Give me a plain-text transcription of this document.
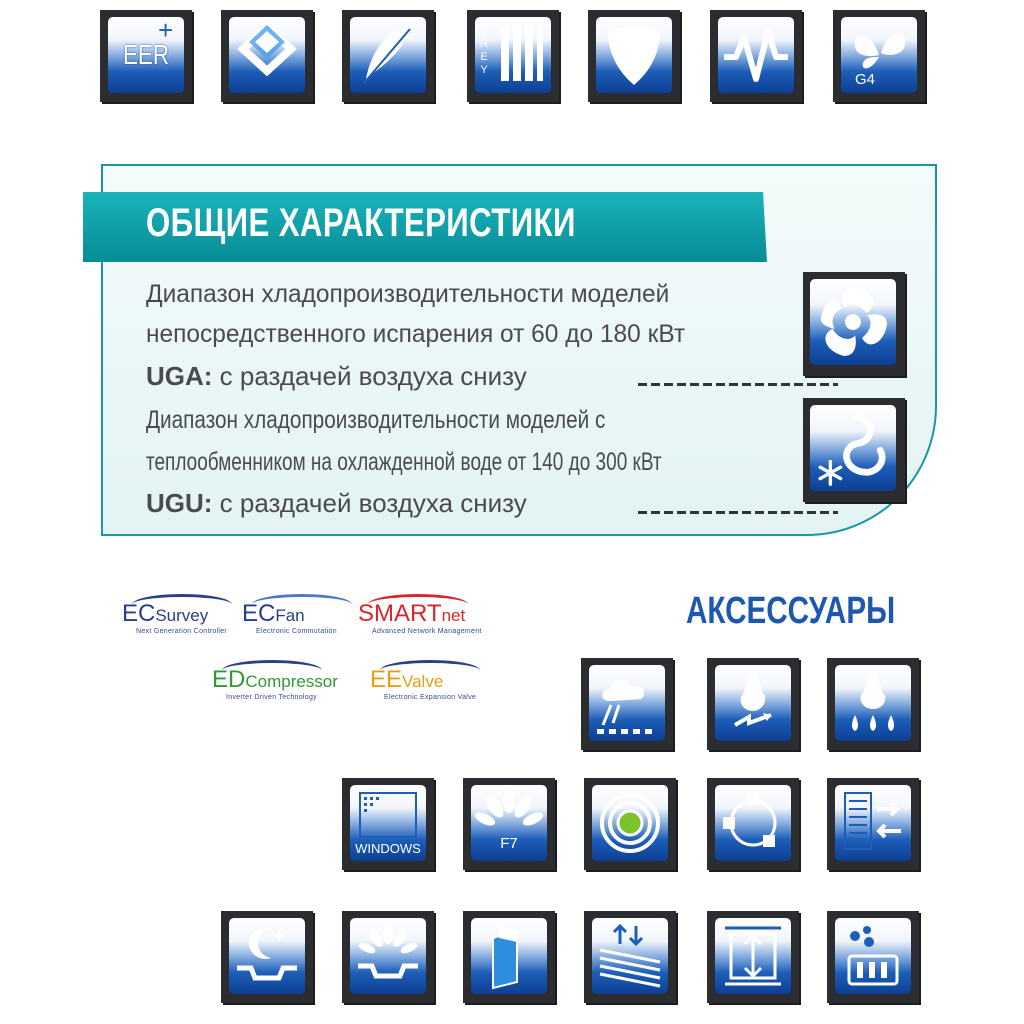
EER
+	GREY
G4
ОБЩИЕ ХАРАКТЕРИСТИКИ
Диапазон хладопроизводительности моделей
непосредственного испарения от 60 до 180 кВт
UGA: с раздачей воздуха снизу
Диапазон хладопроизводительности моделей с
теплообменником на охлажденной воде от 140 до 300 кВт
UGU: с раздачей воздуха снизу
ECSurvey
Next Generation Controller
ECFan
Electronic Commutation
SMARTnet
Advanced Network Management
EDCompressor
Inverter Driven Technology
EEValve
Electronic Expansion Valve
АКСЕССУАРЫ
WINDOWS	F7
